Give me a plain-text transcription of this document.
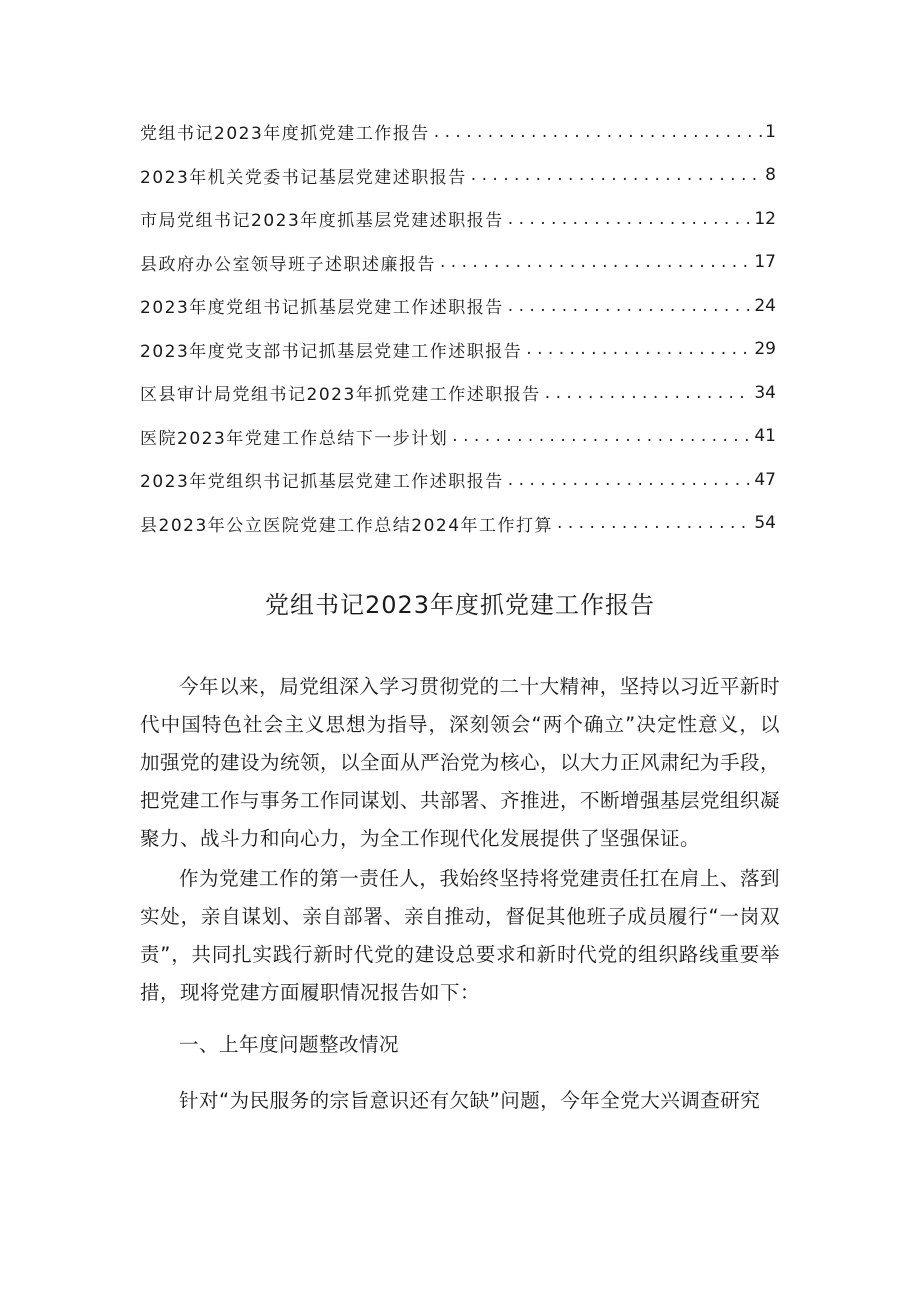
党组书记2023年度抓党建工作报告 . . .	1
2023年机关党委书记基层党建述职报告 . . .	8
市局党组书记2023年度抓基层党建述职报告 . . .	12
县政府办公室领导班子述职述廉报告 . . .	17
2023年度党组书记抓基层党建工作述职报告 . . .	24
2023年度党支部书记抓基层党建工作述职报告 . . .	29
区县审计局党组书记2023年抓党建工作述职报告 . . .	34
医院2023年党建工作总结下一步计划 . . .	41
2023年党组织书记抓基层党建工作述职报告 . . .	47
县2023年公立医院党建工作总结2024年工作打算 . . .	54
党组书记2023年度抓党建工作报告

今年以来，局党组深入学习贯彻党的二十大精神，坚持以习近平新时代中国特色社会主义思想为指导，深刻领会“两个确立”决定性意义，以加强党的建设为统领，以全面从严治党为核心，以大力正风肃纪为手段，把党建工作与事务工作同谋划、共部署、齐推进，不断增强基层党组织凝聚力、战斗力和向心力，为全工作现代化发展提供了坚强保证。

作为党建工作的第一责任人，我始终坚持将党建责任扛在肩上、落到实处，亲自谋划、亲自部署、亲自推动，督促其他班子成员履行“一岗双责”，共同扎实践行新时代党的建设总要求和新时代党的组织路线重要举措，现将党建方面履职情况报告如下：

一、上年度问题整改情况

针对“为民服务的宗旨意识还有欠缺”问题，今年全党大兴调查研究
